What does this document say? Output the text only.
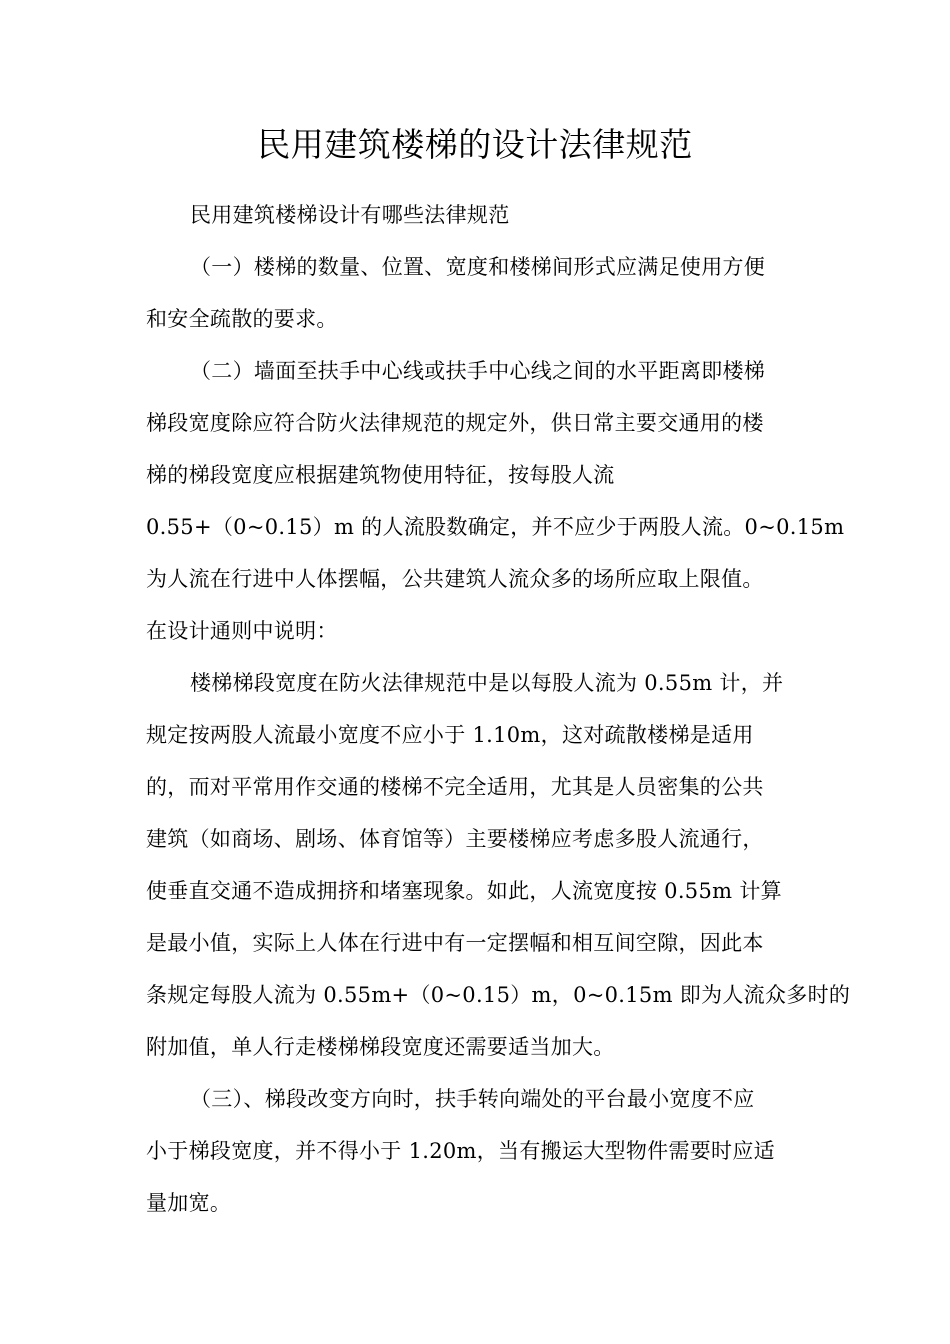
民用建筑楼梯的设计法律规范
民用建筑楼梯设计有哪些法律规范
（一）楼梯的数量、位置、宽度和楼梯间形式应满足使用方便
和安全疏散的要求。
（二）墙面至扶手中心线或扶手中心线之间的水平距离即楼梯
梯段宽度除应符合防火法律规范的规定外，供日常主要交通用的楼
梯的梯段宽度应根据建筑物使用特征，按每股人流
0.55+（0~0.15）m 的人流股数确定，并不应少于两股人流。0~0.15m
为人流在行进中人体摆幅，公共建筑人流众多的场所应取上限值。
在设计通则中说明：
楼梯梯段宽度在防火法律规范中是以每股人流为 0.55m 计，并
规定按两股人流最小宽度不应小于 1.10m，这对疏散楼梯是适用
的，而对平常用作交通的楼梯不完全适用，尤其是人员密集的公共
建筑（如商场、剧场、体育馆等）主要楼梯应考虑多股人流通行，
使垂直交通不造成拥挤和堵塞现象。如此，人流宽度按 0.55m 计算
是最小值，实际上人体在行进中有一定摆幅和相互间空隙，因此本
条规定每股人流为 0.55m+（0~0.15）m，0~0.15m 即为人流众多时的
附加值，单人行走楼梯梯段宽度还需要适当加大。
（三）、梯段改变方向时，扶手转向端处的平台最小宽度不应
小于梯段宽度，并不得小于 1.20m，当有搬运大型物件需要时应适
量加宽。
